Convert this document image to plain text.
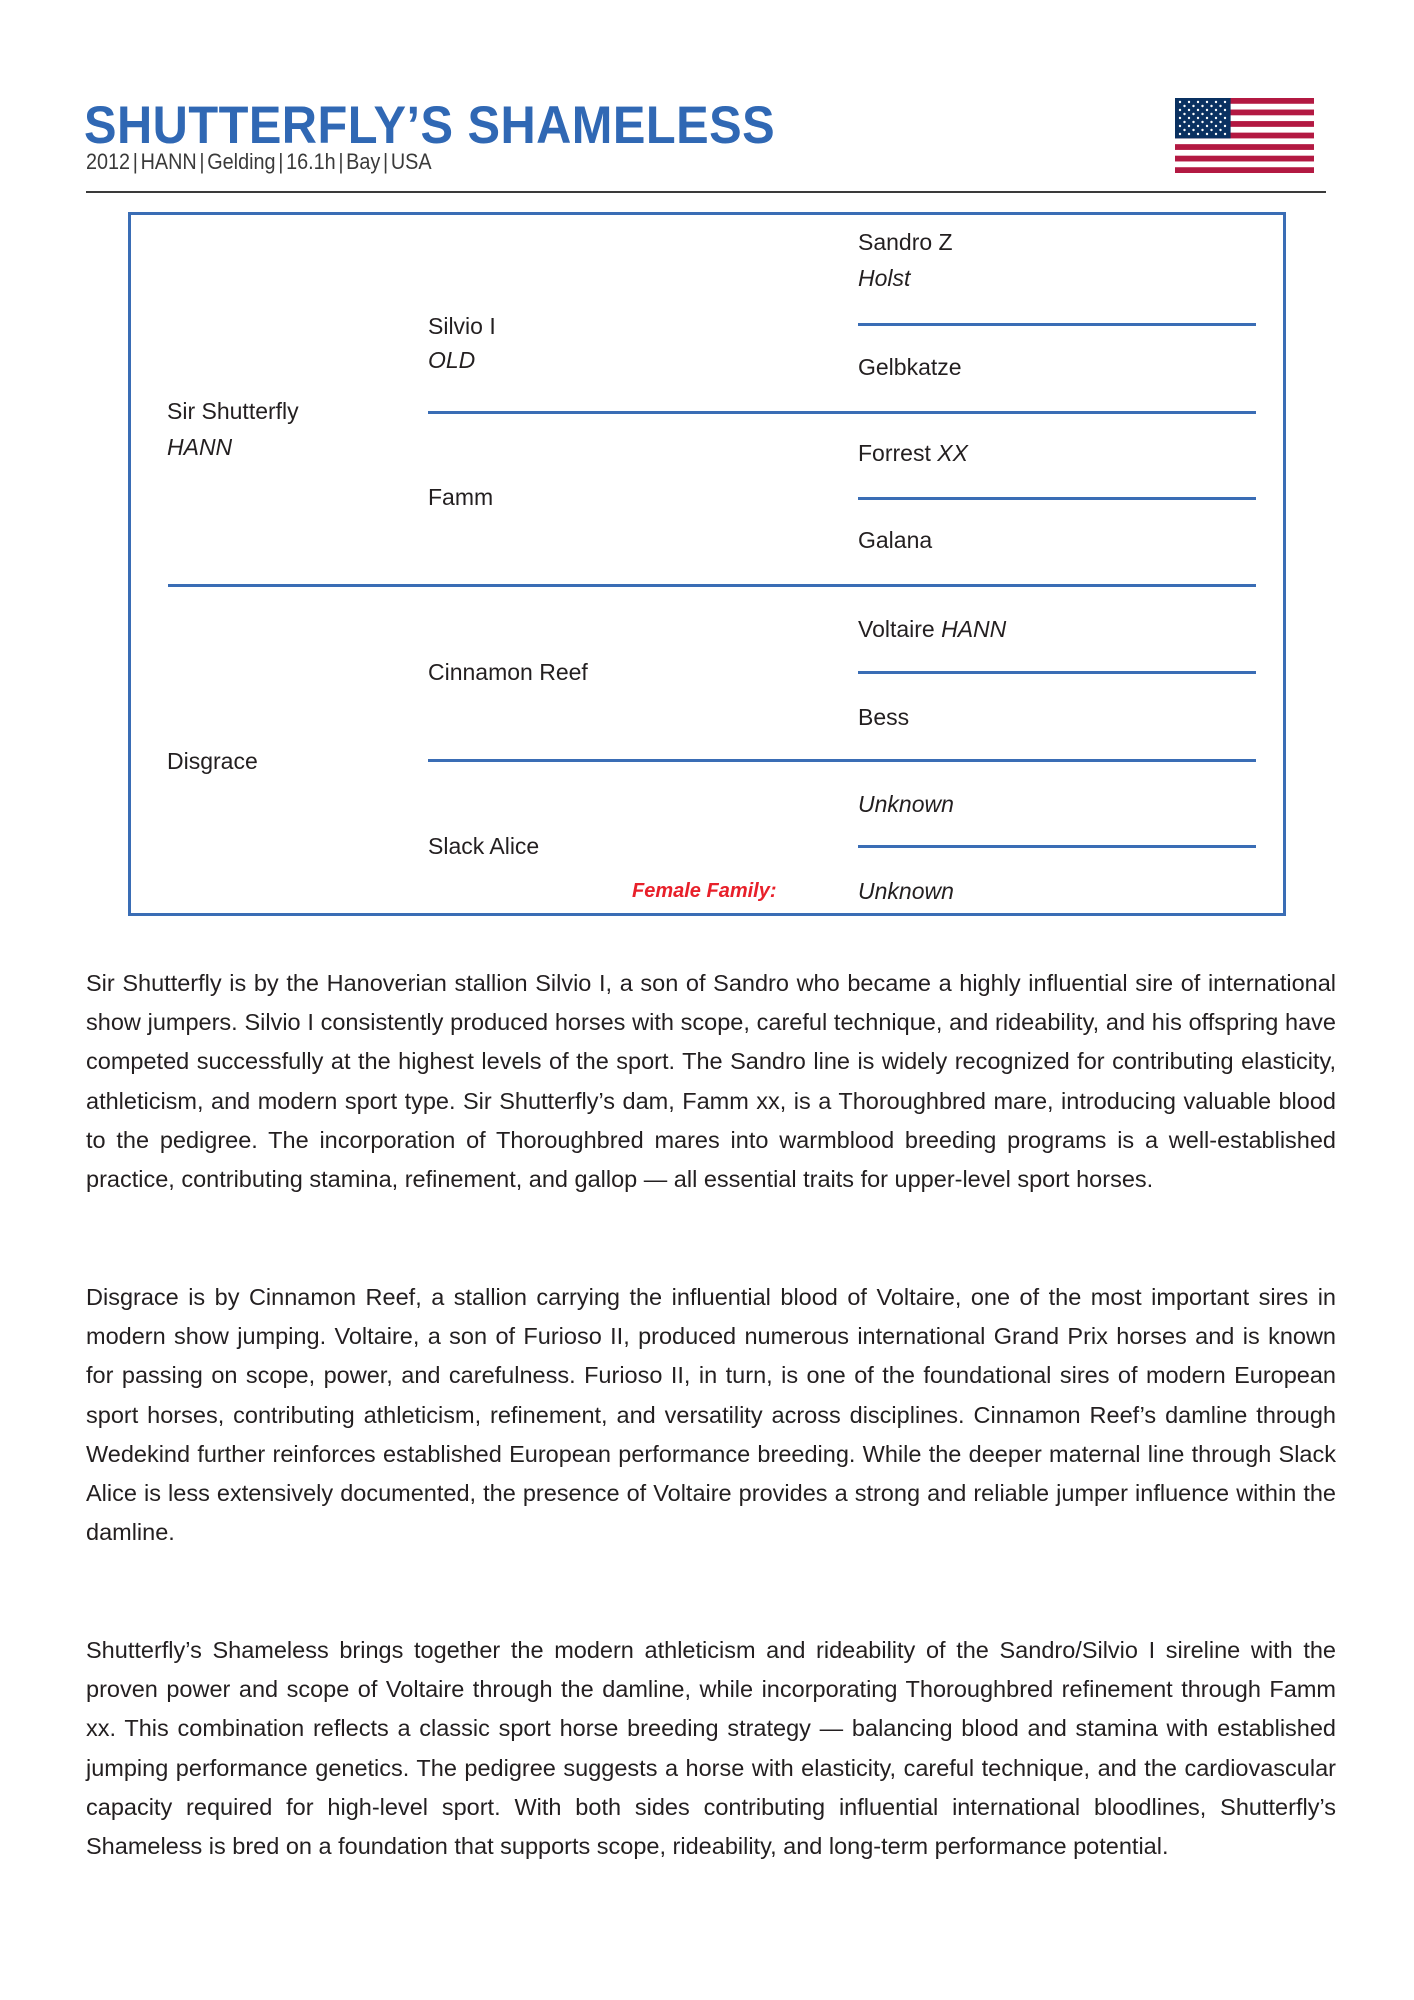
SHUTTERFLY’S SHAMELESS
2012 | HANN | Gelding | 16.1h | Bay | USA
Sir Shutterfly
HANN
Disgrace
Silvio I
OLD
Famm
Cinnamon Reef
Slack Alice
Sandro Z
Holst
Gelbkatze
Forrest XX
Galana
Voltaire HANN
Bess
Unknown
Female Family:	Unknown

Sir Shutterfly is by the Hanoverian stallion Silvio I, a son of Sandro who became a highly influential sire of international show jumpers. Silvio I consistently produced horses with scope, careful technique, and rideability, and his offspring have competed successfully at the highest levels of the sport. The Sandro line is widely recognized for contributing elasticity, athleticism, and modern sport type. Sir Shutterfly’s dam, Famm xx, is a Thoroughbred mare, introducing valuable blood to the pedigree. The incorporation of Thoroughbred mares into warmblood breeding programs is a well-established practice, contributing stamina, refinement, and gallop — all essential traits for upper-level sport horses.

Disgrace is by Cinnamon Reef, a stallion carrying the influential blood of Voltaire, one of the most important sires in modern show jumping. Voltaire, a son of Furioso II, produced numerous international Grand Prix horses and is known for passing on scope, power, and carefulness. Furioso II, in turn, is one of the foundational sires of modern European sport horses, contributing athleticism, refinement, and versatility across disciplines. Cinnamon Reef’s damline through Wedekind further reinforces established European performance breeding. While the deeper maternal line through Slack Alice is less extensively documented, the presence of Voltaire provides a strong and reliable jumper influence within the damline.

Shutterfly’s Shameless brings together the modern athleticism and rideability of the Sandro/Silvio I sireline with the proven power and scope of Voltaire through the damline, while incorporating Thoroughbred refinement through Famm xx. This combination reflects a classic sport horse breeding strategy — balancing blood and stamina with established jumping performance genetics. The pedigree suggests a horse with elasticity, careful technique, and the cardiovascular capacity required for high-level sport. With both sides contributing influential international bloodlines, Shutterfly’s Shameless is bred on a foundation that supports scope, rideability, and long-term performance potential.
